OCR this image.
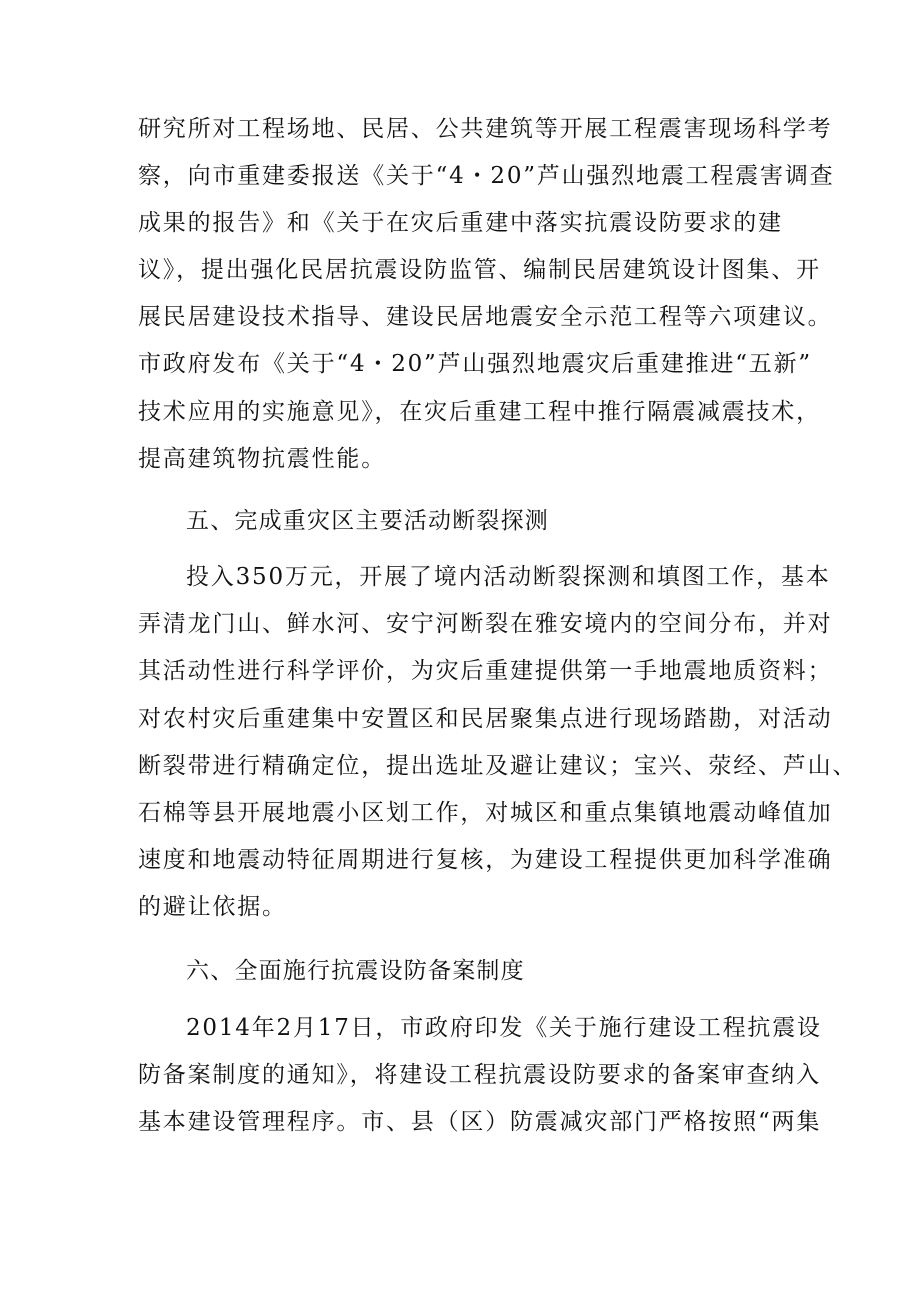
研究所对工程场地、民居、公共建筑等开展工程震害现场科学考
察，向市重建委报送《关于“4・20”芦山强烈地震工程震害调查
成果的报告》和《关于在灾后重建中落实抗震设防要求的建
议》，提出强化民居抗震设防监管、编制民居建筑设计图集、开
展民居建设技术指导、建设民居地震安全示范工程等六项建议。
市政府发布《关于“4・20”芦山强烈地震灾后重建推进“五新”
技术应用的实施意见》，在灾后重建工程中推行隔震减震技术，
提高建筑物抗震性能。
五、完成重灾区主要活动断裂探测
投入350万元，开展了境内活动断裂探测和填图工作，基本
弄清龙门山、鲜水河、安宁河断裂在雅安境内的空间分布，并对
其活动性进行科学评价，为灾后重建提供第一手地震地质资料；
对农村灾后重建集中安置区和民居聚集点进行现场踏勘，对活动
断裂带进行精确定位，提出选址及避让建议；宝兴、荥经、芦山、
石棉等县开展地震小区划工作，对城区和重点集镇地震动峰值加
速度和地震动特征周期进行复核，为建设工程提供更加科学准确
的避让依据。
六、全面施行抗震设防备案制度
2014年2月17日，市政府印发《关于施行建设工程抗震设
防备案制度的通知》，将建设工程抗震设防要求的备案审查纳入
基本建设管理程序。市、县（区）防震减灾部门严格按照“两集
